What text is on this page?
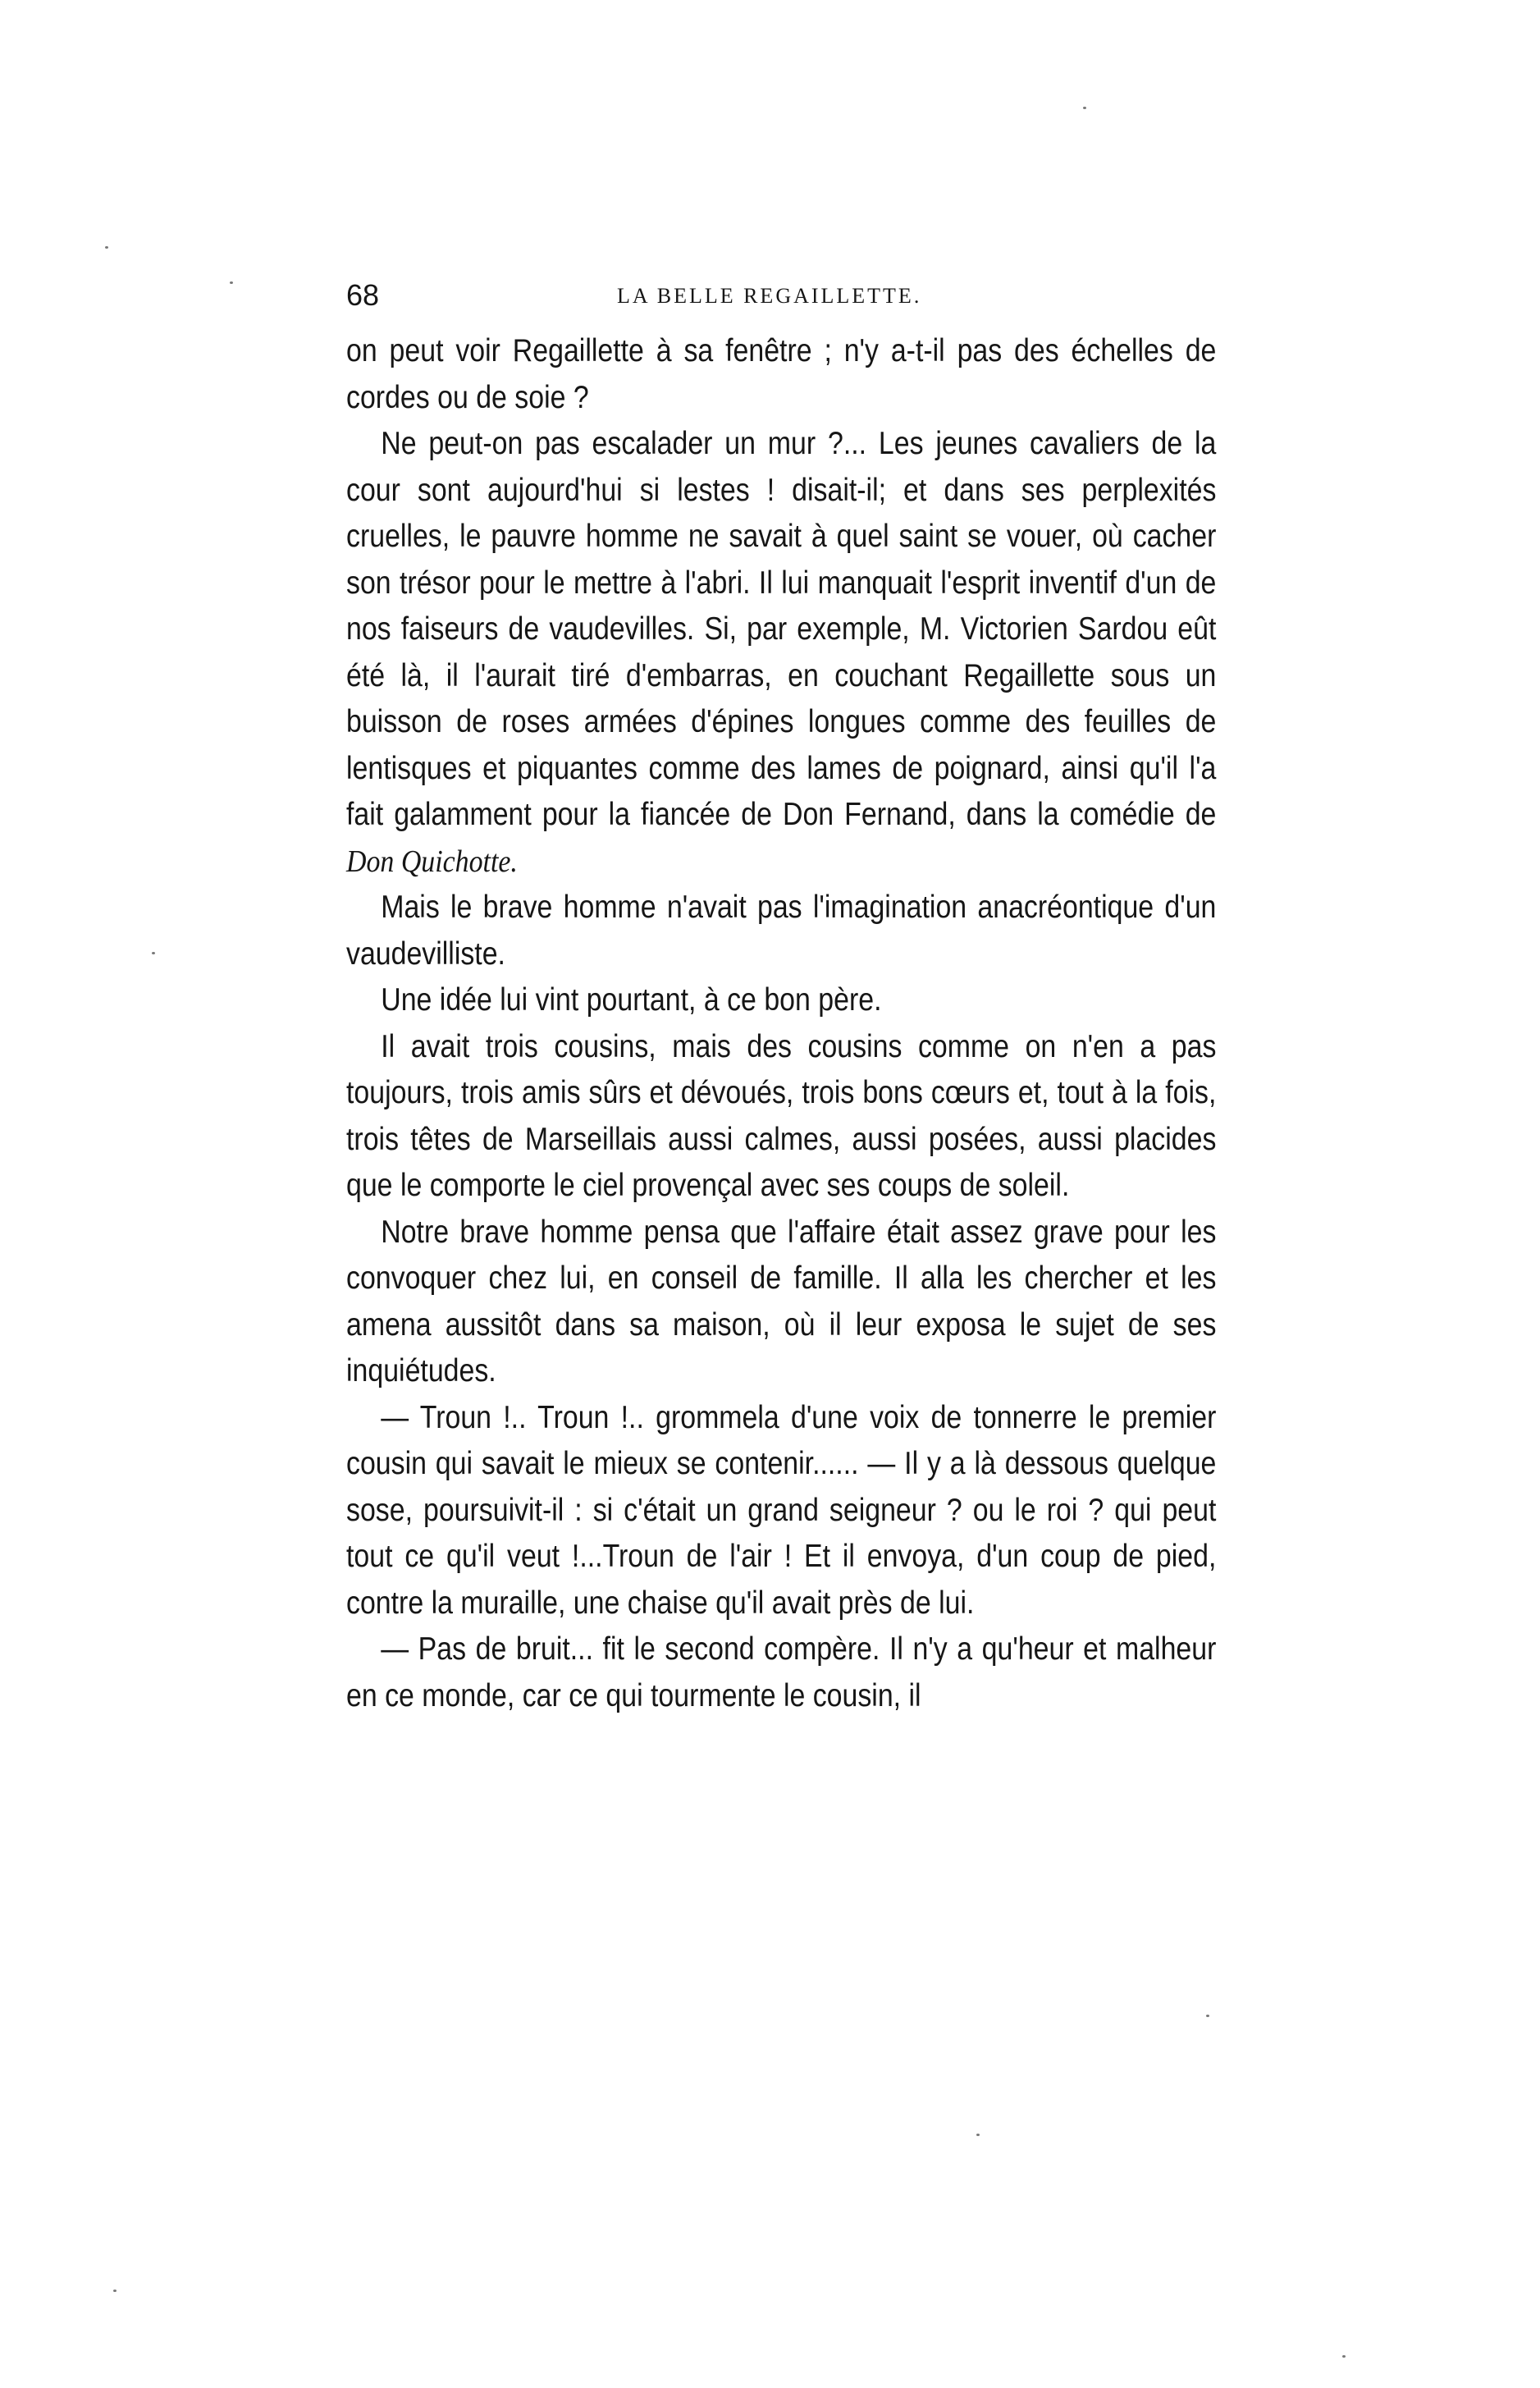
68	LA BELLE REGAILLETTE.

on peut voir Regaillette à sa fenêtre ; n'y a-t-il pas des échelles de cordes ou de soie ?

Ne peut-on pas escalader un mur ?... Les jeunes cavaliers de la cour sont aujourd'hui si lestes ! disait-il; et dans ses perplexités cruelles, le pauvre homme ne savait à quel saint se vouer, où cacher son trésor pour le mettre à l'abri. Il lui manquait l'esprit inventif d'un de nos faiseurs de vaudevilles. Si, par exemple, M. Victorien Sardou eût été là, il l'aurait tiré d'embarras, en couchant Regaillette sous un buisson de roses armées d'épines longues comme des feuilles de lentisques et piquantes comme des lames de poignard, ainsi qu'il l'a fait galamment pour la fiancée de Don Fernand, dans la comédie de Don Quichotte.

Mais le brave homme n'avait pas l'imagination anacréontique d'un vaudevilliste.

Une idée lui vint pourtant, à ce bon père.

Il avait trois cousins, mais des cousins comme on n'en a pas toujours, trois amis sûrs et dévoués, trois bons cœurs et, tout à la fois, trois têtes de Marseillais aussi calmes, aussi posées, aussi placides que le comporte le ciel provençal avec ses coups de soleil.

Notre brave homme pensa que l'affaire était assez grave pour les convoquer chez lui, en conseil de famille. Il alla les chercher et les amena aussitôt dans sa maison, où il leur exposa le sujet de ses inquiétudes.

— Troun !.. Troun !.. grommela d'une voix de tonnerre le premier cousin qui savait le mieux se contenir...... — Il y a là dessous quelque sose, poursuivit-il : si c'était un grand seigneur ? ou le roi ? qui peut tout ce qu'il veut !...Troun de l'air ! Et il envoya, d'un coup de pied, contre la muraille, une chaise qu'il avait près de lui.

— Pas de bruit... fit le second compère. Il n'y a qu'heur et malheur en ce monde, car ce qui tourmente le cousin, il
